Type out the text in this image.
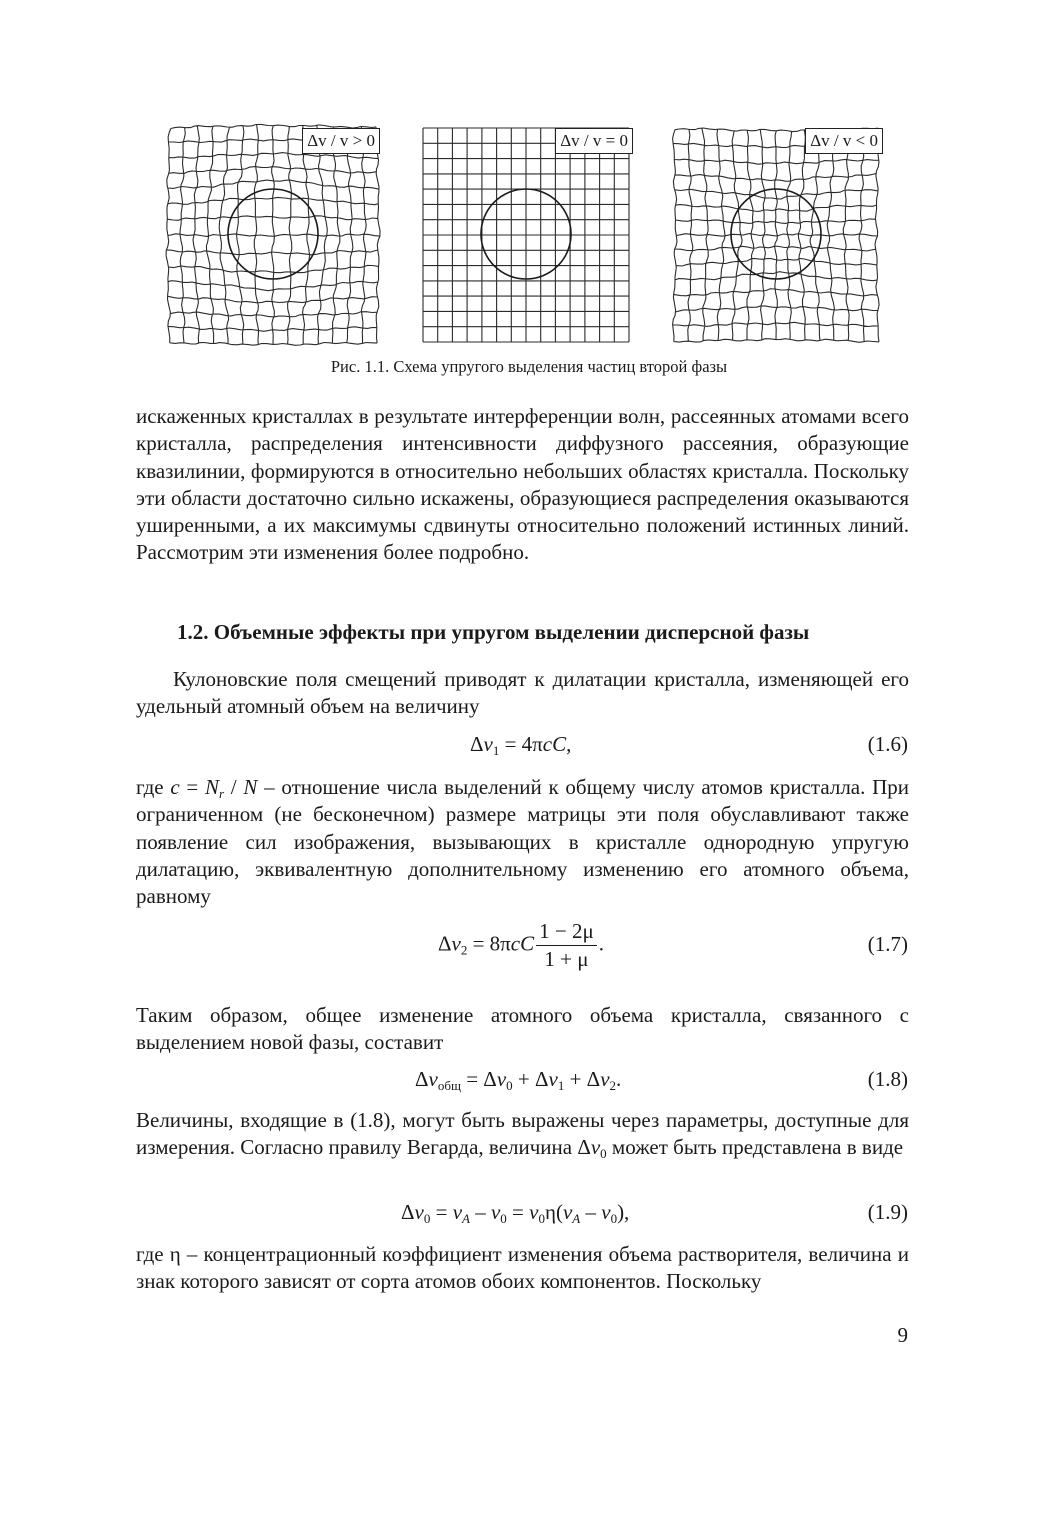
Δv / v > 0	Δv / v = 0	Δv / v < 0
Рис. 1.1. Схема упругого выделения частиц второй фазы

искаженных кристаллах в результате интерференции волн, рассеянных атомами всего кристалла, распределения интенсивности диффузного рассеяния, образующие квазилинии, формируются в относительно небольших областях кристалла. Поскольку эти области достаточно сильно искажены, образующиеся распределения оказываются уширенными, а их максимумы сдвинуты относительно положений истинных линий. Рассмотрим эти изменения более подробно.

1.2. Объемные эффекты при упругом выделении дисперсной фазы

Кулоновские поля смещений приводят к дилатации кристалла, изменяющей его удельный атомный объем на величину

$\Delta v_1 = 4\pi cC$,	(1.6)

где $c = N_r / N$ – отношение числа выделений к общему числу атомов кристалла. При ограниченном (не бесконечном) размере матрицы эти поля обуславливают также появление сил изображения, вызывающих в кристалле однородную упругую дилатацию, эквивалентную дополнительному изменению его атомного объема, равному

$\Delta v_2 = 8\pi cC \frac{1 - 2\mu}{1 + \mu}$ .	(1.7)

Таким образом, общее изменение атомного объема кристалла, связанного с выделением новой фазы, составит

$\Delta v_{общ} = \Delta v_0 + \Delta v_1 + \Delta v_2$.	(1.8)

Величины, входящие в (1.8), могут быть выражены через параметры, доступные для измерения. Согласно правилу Вегарда, величина $\Delta v_0$ может быть представлена в виде

$\Delta v_0 = v_A - v_0 = v_0\eta(v_A - v_0)$,	(1.9)

где η – концентрационный коэффициент изменения объема растворителя, величина и знак которого зависят от сорта атомов обоих компонентов. Поскольку

9
